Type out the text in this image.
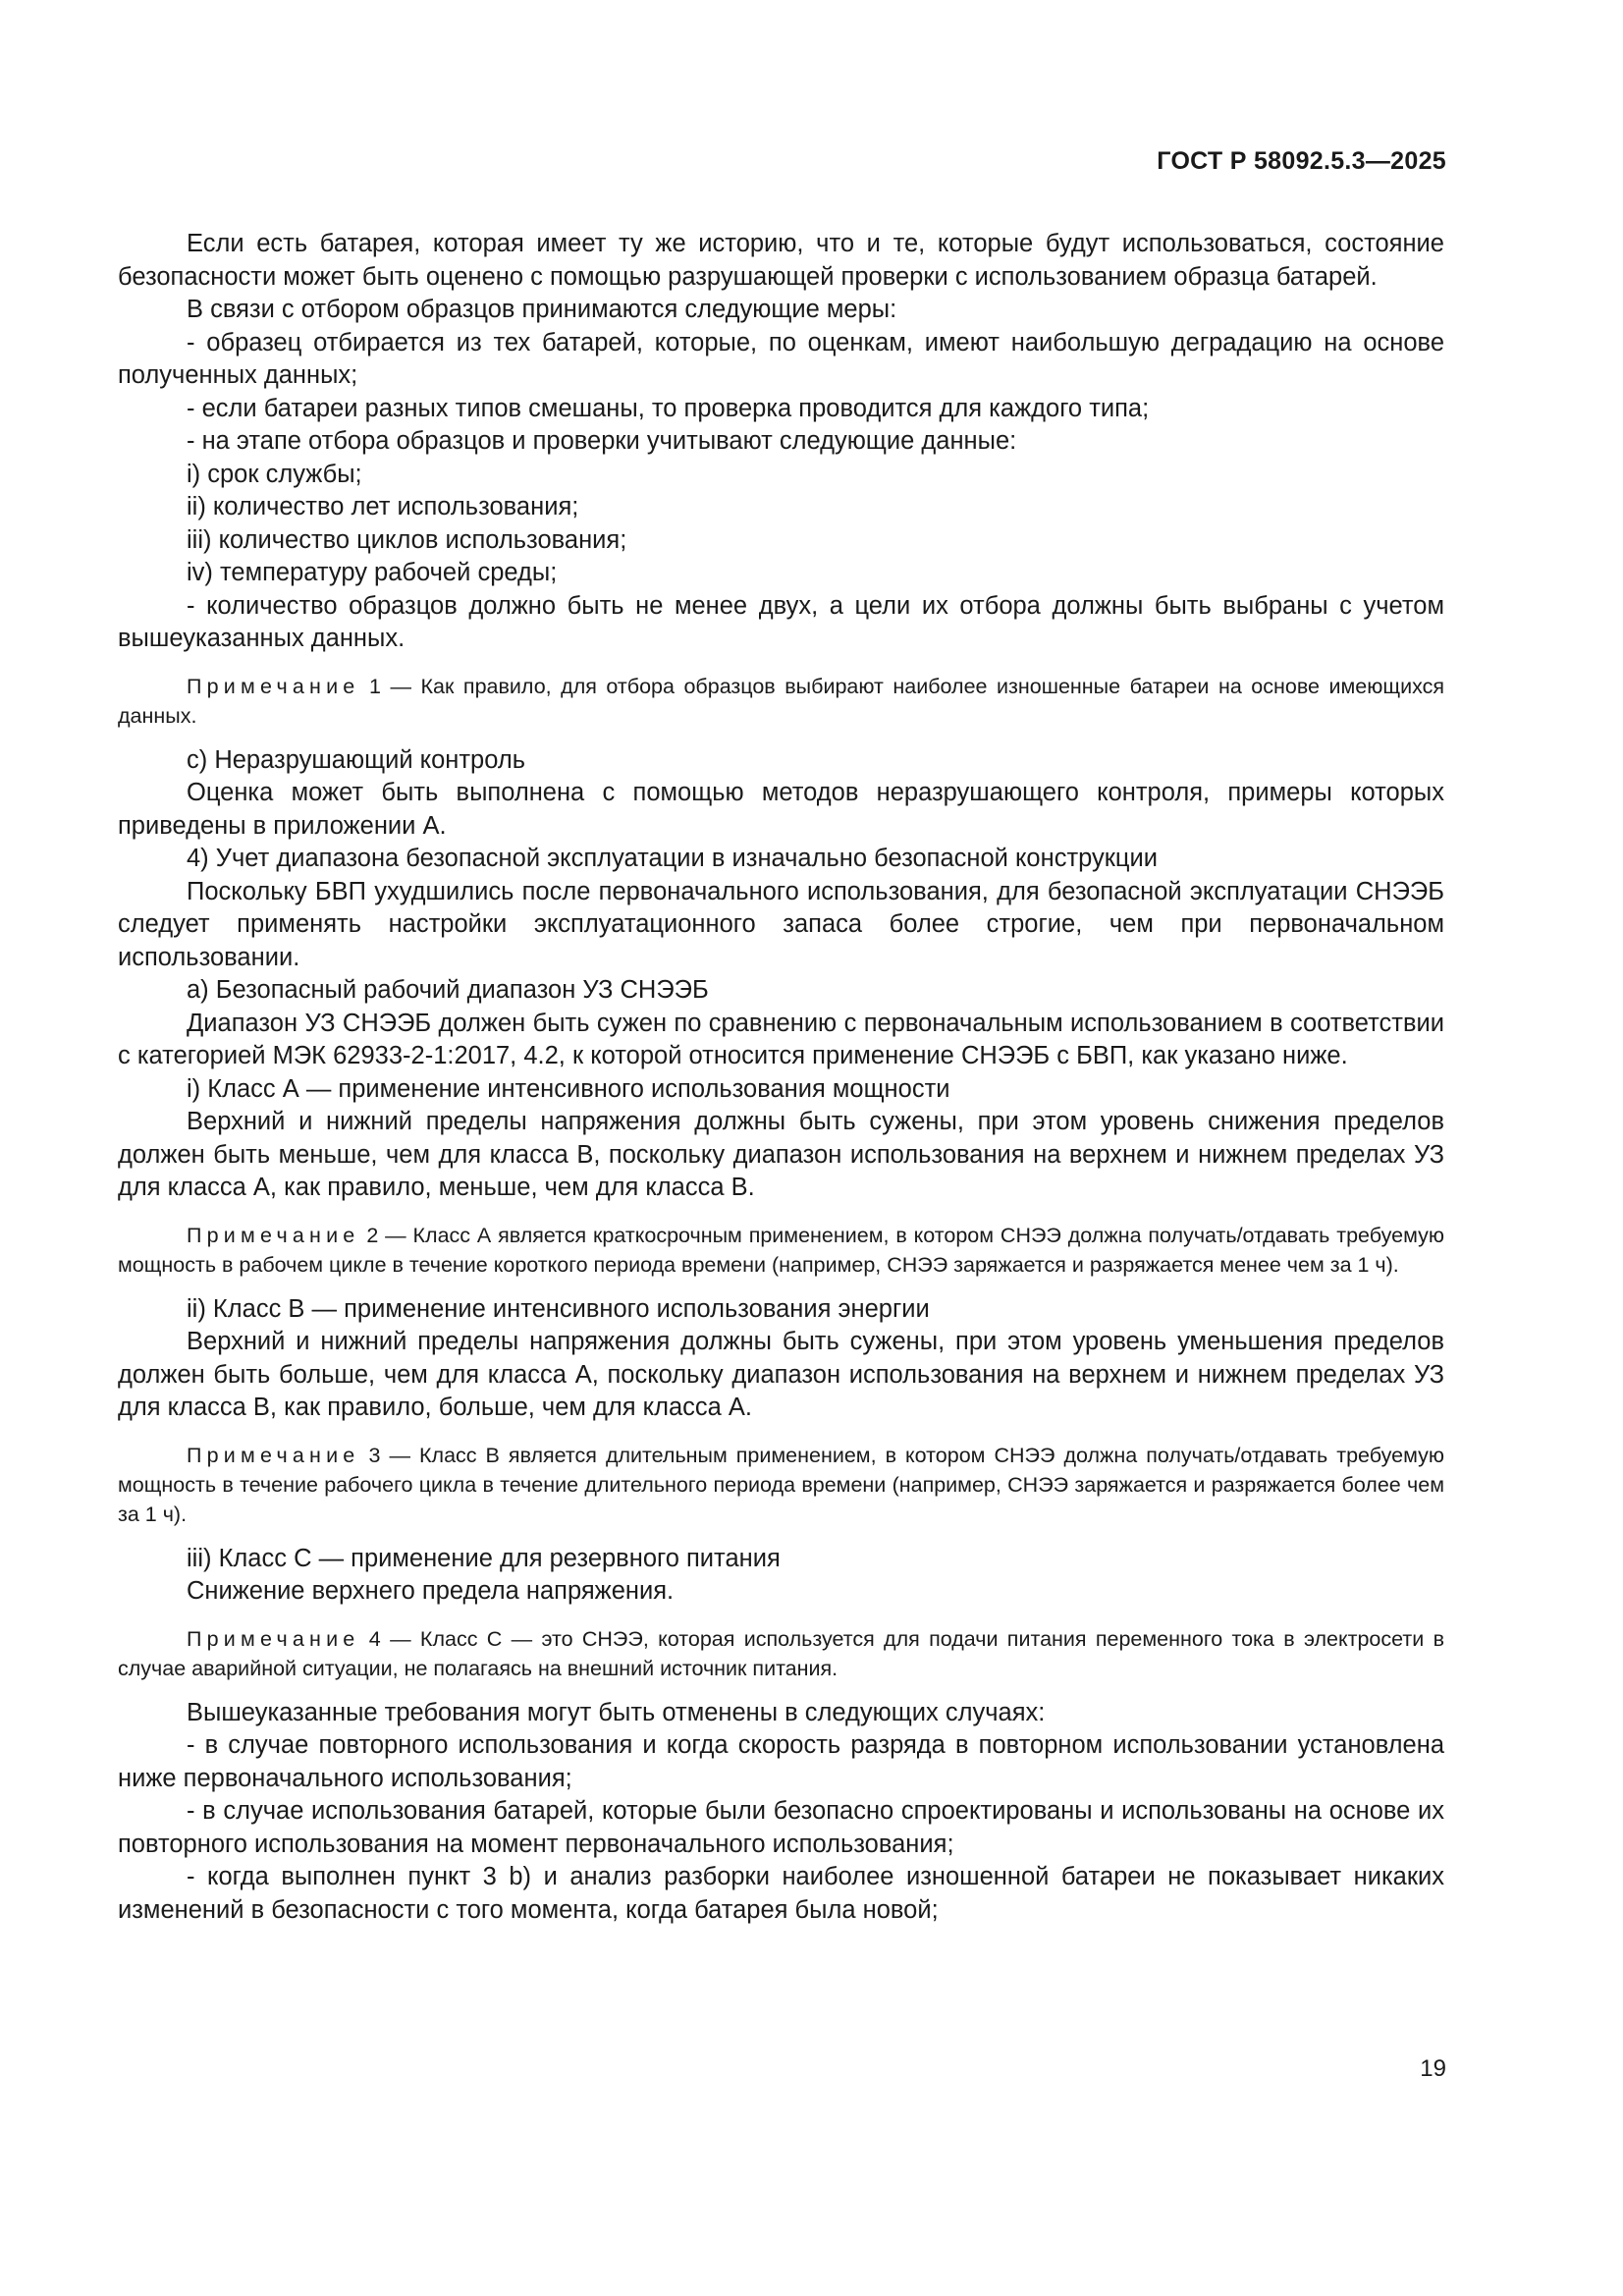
ГОСТ Р 58092.5.3—2025

Если есть батарея, которая имеет ту же историю, что и те, которые будут использоваться, состояние безопасности может быть оценено с помощью разрушающей проверки с использованием образца батарей.

В связи с отбором образцов принимаются следующие меры:

- образец отбирается из тех батарей, которые, по оценкам, имеют наибольшую деградацию на основе полученных данных;

- если батареи разных типов смешаны, то проверка проводится для каждого типа;

- на этапе отбора образцов и проверки учитывают следующие данные:

i) срок службы;

ii) количество лет использования;

iii) количество циклов использования;

iv) температуру рабочей среды;

- количество образцов должно быть не менее двух, а цели их отбора должны быть выбраны с учетом вышеуказанных данных.

Примечание 1 — Как правило, для отбора образцов выбирают наиболее изношенные батареи на основе имеющихся данных.

c) Неразрушающий контроль

Оценка может быть выполнена с помощью методов неразрушающего контроля, примеры которых приведены в приложении А.

4) Учет диапазона безопасной эксплуатации в изначально безопасной конструкции

Поскольку БВП ухудшились после первоначального использования, для безопасной эксплуатации СНЭЭБ следует применять настройки эксплуатационного запаса более строгие, чем при первоначальном использовании.

a) Безопасный рабочий диапазон УЗ СНЭЭБ

Диапазон УЗ СНЭЭБ должен быть сужен по сравнению с первоначальным использованием в соответствии с категорией МЭК 62933-2-1:2017, 4.2, к которой относится применение СНЭЭБ с БВП, как указано ниже.

i) Класс А — применение интенсивного использования мощности

Верхний и нижний пределы напряжения должны быть сужены, при этом уровень снижения пределов должен быть меньше, чем для класса В, поскольку диапазон использования на верхнем и нижнем пределах УЗ для класса А, как правило, меньше, чем для класса В.

Примечание 2 — Класс А является краткосрочным применением, в котором СНЭЭ должна получать/отдавать требуемую мощность в рабочем цикле в течение короткого периода времени (например, СНЭЭ заряжается и разряжается менее чем за 1 ч).

ii) Класс В — применение интенсивного использования энергии

Верхний и нижний пределы напряжения должны быть сужены, при этом уровень уменьшения пределов должен быть больше, чем для класса А, поскольку диапазон использования на верхнем и нижнем пределах УЗ для класса В, как правило, больше, чем для класса А.

Примечание 3 — Класс В является длительным применением, в котором СНЭЭ должна получать/отдавать требуемую мощность в течение рабочего цикла в течение длительного периода времени (например, СНЭЭ заряжается и разряжается более чем за 1 ч).

iii) Класс С — применение для резервного питания

Снижение верхнего предела напряжения.

Примечание 4 — Класс С — это СНЭЭ, которая используется для подачи питания переменного тока в электросети в случае аварийной ситуации, не полагаясь на внешний источник питания.

Вышеуказанные требования могут быть отменены в следующих случаях:

- в случае повторного использования и когда скорость разряда в повторном использовании установлена ниже первоначального использования;

- в случае использования батарей, которые были безопасно спроектированы и использованы на основе их повторного использования на момент первоначального использования;

- когда выполнен пункт 3 b) и анализ разборки наиболее изношенной батареи не показывает никаких изменений в безопасности с того момента, когда батарея была новой;

19
